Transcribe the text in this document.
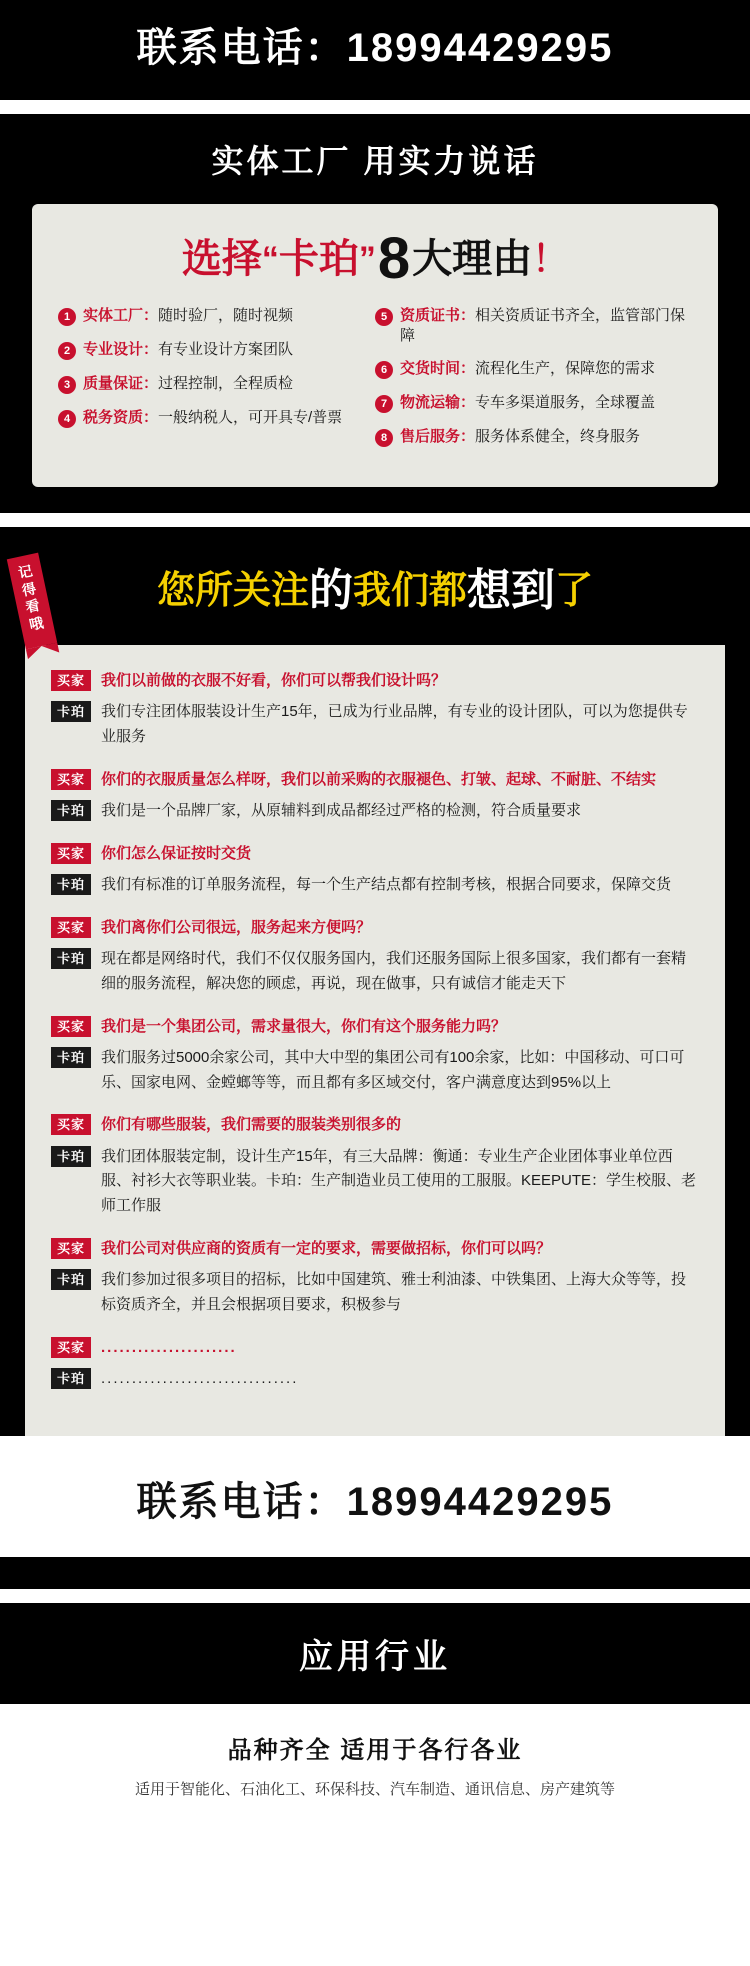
联系电话：18994429295
实体工厂 用实力说话
选择“卡珀”8大理由！
1 实体工厂：随时验厂，随时视频
2 专业设计：有专业设计方案团队
3 质量保证：过程控制，全程质检
4 税务资质：一般纳税人，可开具专/普票
5 资质证书：相关资质证书齐全，监管部门保障
6 交货时间：流程化生产，保障您的需求
7 物流运输：专车多渠道服务，全球覆盖
8 售后服务：服务体系健全，终身服务
记得看哦
您所关注的我们都想到了
买家	我们以前做的衣服不好看，你们可以帮我们设计吗？
卡珀	我们专注团体服装设计生产15年，已成为行业品牌，有专业的设计团队，可以为您提供专业服务
买家	你们的衣服质量怎么样呀，我们以前采购的衣服褪色、打皱、起球、不耐脏、不结实
卡珀	我们是一个品牌厂家，从原辅料到成品都经过严格的检测，符合质量要求
买家	你们怎么保证按时交货
卡珀	我们有标准的订单服务流程，每一个生产结点都有控制考核，根据合同要求，保障交货
买家	我们离你们公司很远，服务起来方便吗？
卡珀	现在都是网络时代，我们不仅仅服务国内，我们还服务国际上很多国家，我们都有一套精细的服务流程，解决您的顾虑，再说，现在做事，只有诚信才能走天下
买家	我们是一个集团公司，需求量很大，你们有这个服务能力吗？
卡珀	我们服务过5000余家公司，其中大中型的集团公司有100余家，比如：中国移动、可口可乐、国家电网、金螳螂等等，而且都有多区域交付，客户满意度达到95%以上
买家	你们有哪些服装，我们需要的服装类别很多的
卡珀	我们团体服装定制，设计生产15年，有三大品牌：衡通：专业生产企业团体事业单位西服、衬衫大衣等职业装。卡珀：生产制造业员工使用的工服服。KEEPUTE：学生校服、老师工作服
买家	我们公司对供应商的资质有一定的要求，需要做招标，你们可以吗？
卡珀	我们参加过很多项目的招标，比如中国建筑、雅士利油漆、中铁集团、上海大众等等，投标资质齐全，并且会根据项目要求，积极参与
买家	......................
卡珀	................................
联系电话：18994429295
应用行业
品种齐全 适用于各行各业
适用于智能化、石油化工、环保科技、汽车制造、通讯信息、房产建筑等
